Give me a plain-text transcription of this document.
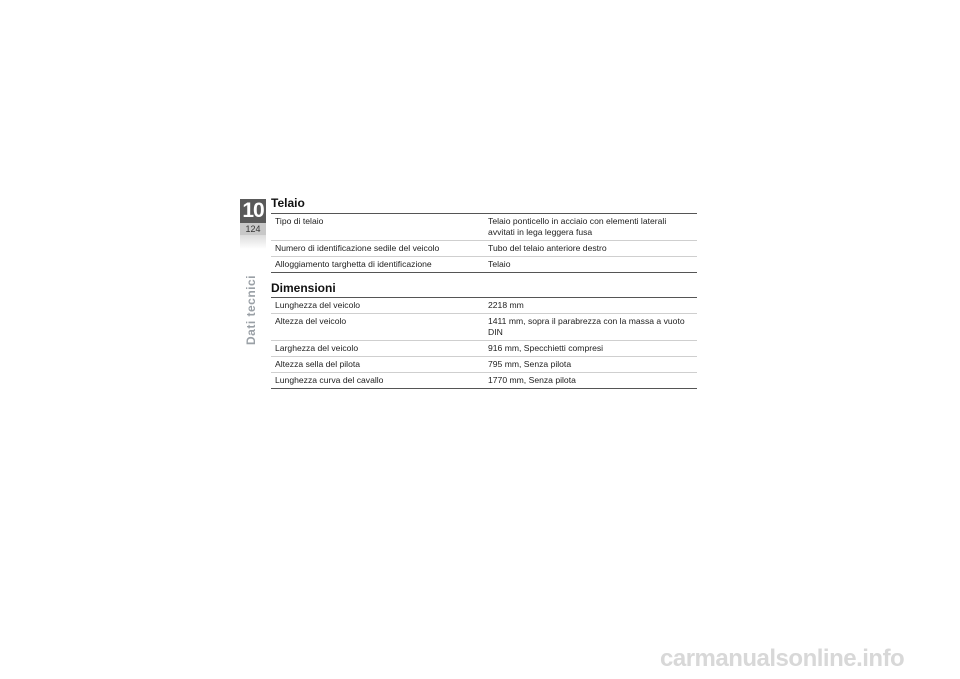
10
124
Dati tecnici
Telaio
Tipo di telaio	Telaio ponticello in acciaio con elementi laterali avvitati in lega leggera fusa
Numero di identificazione sedile del veicolo	Tubo del telaio anteriore destro
Alloggiamento targhetta di identificazione	Telaio
Dimensioni
Lunghezza del veicolo	2218 mm
Altezza del veicolo	1411 mm, sopra il parabrezza con la massa a vuoto DIN
Larghezza del veicolo	916 mm, Specchietti compresi
Altezza sella del pilota	795 mm, Senza pilota
Lunghezza curva del cavallo	1770 mm, Senza pilota
carmanualsonline.info
